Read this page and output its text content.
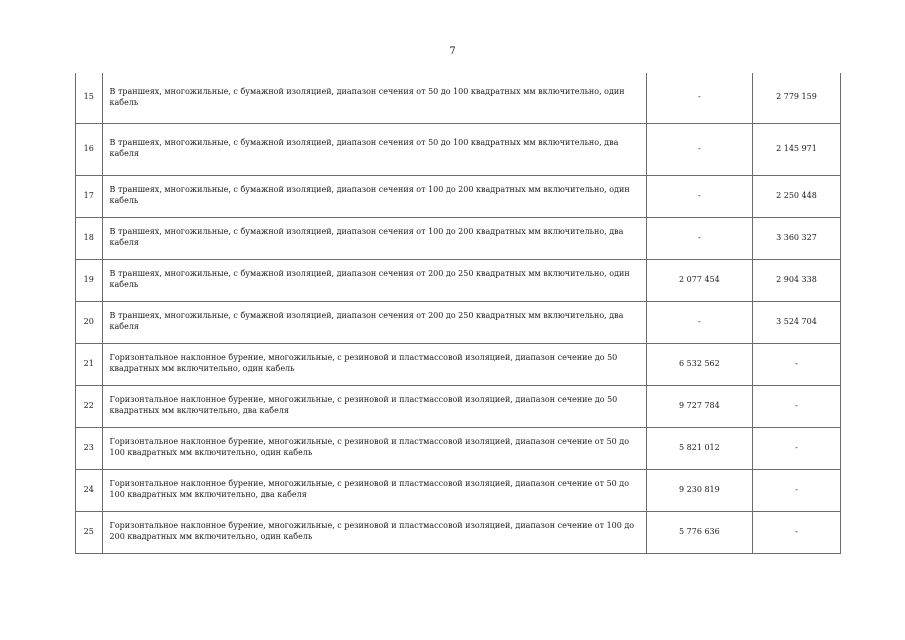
7
15	В траншеях, многожильные, с бумажной изоляцией, диапазон сечения от 50 до 100 квадратных мм включительно, один кабель	-	2 779 159
16	В траншеях, многожильные, с бумажной изоляцией, диапазон сечения от 50 до 100 квадратных мм включительно, два кабеля	-	2 145 971
17	В траншеях, многожильные, с бумажной изоляцией, диапазон сечения от 100 до 200 квадратных мм включительно, один кабель	-	2 250 448
18	В траншеях, многожильные, с бумажной изоляцией, диапазон сечения от 100 до 200 квадратных мм включительно, два кабеля	-	3 360 327
19	В траншеях, многожильные, с бумажной изоляцией, диапазон сечения от 200 до 250 квадратных мм включительно, один кабель	2 077 454	2 904 338
20	В траншеях, многожильные, с бумажной изоляцией, диапазон сечения от 200 до 250 квадратных мм включительно, два кабеля	-	3 524 704
21	Горизонтальное наклонное бурение, многожильные, с резиновой и пластмассовой изоляцией, диапазон сечение до 50 квадратных мм включительно, один кабель	6 532 562	-
22	Горизонтальное наклонное бурение, многожильные, с резиновой и пластмассовой изоляцией, диапазон сечение до 50 квадратных мм включительно, два кабеля	9 727 784	-
23	Горизонтальное наклонное бурение, многожильные, с резиновой и пластмассовой изоляцией, диапазон сечение от 50 до 100 квадратных мм включительно, один кабель	5 821 012	-
24	Горизонтальное наклонное бурение, многожильные, с резиновой и пластмассовой изоляцией, диапазон сечение от 50 до 100 квадратных мм включительно, два кабеля	9 230 819	-
25	Горизонтальное наклонное бурение, многожильные, с резиновой и пластмассовой изоляцией, диапазон сечение от 100 до 200 квадратных мм включительно, один кабель	5 776 636	-
